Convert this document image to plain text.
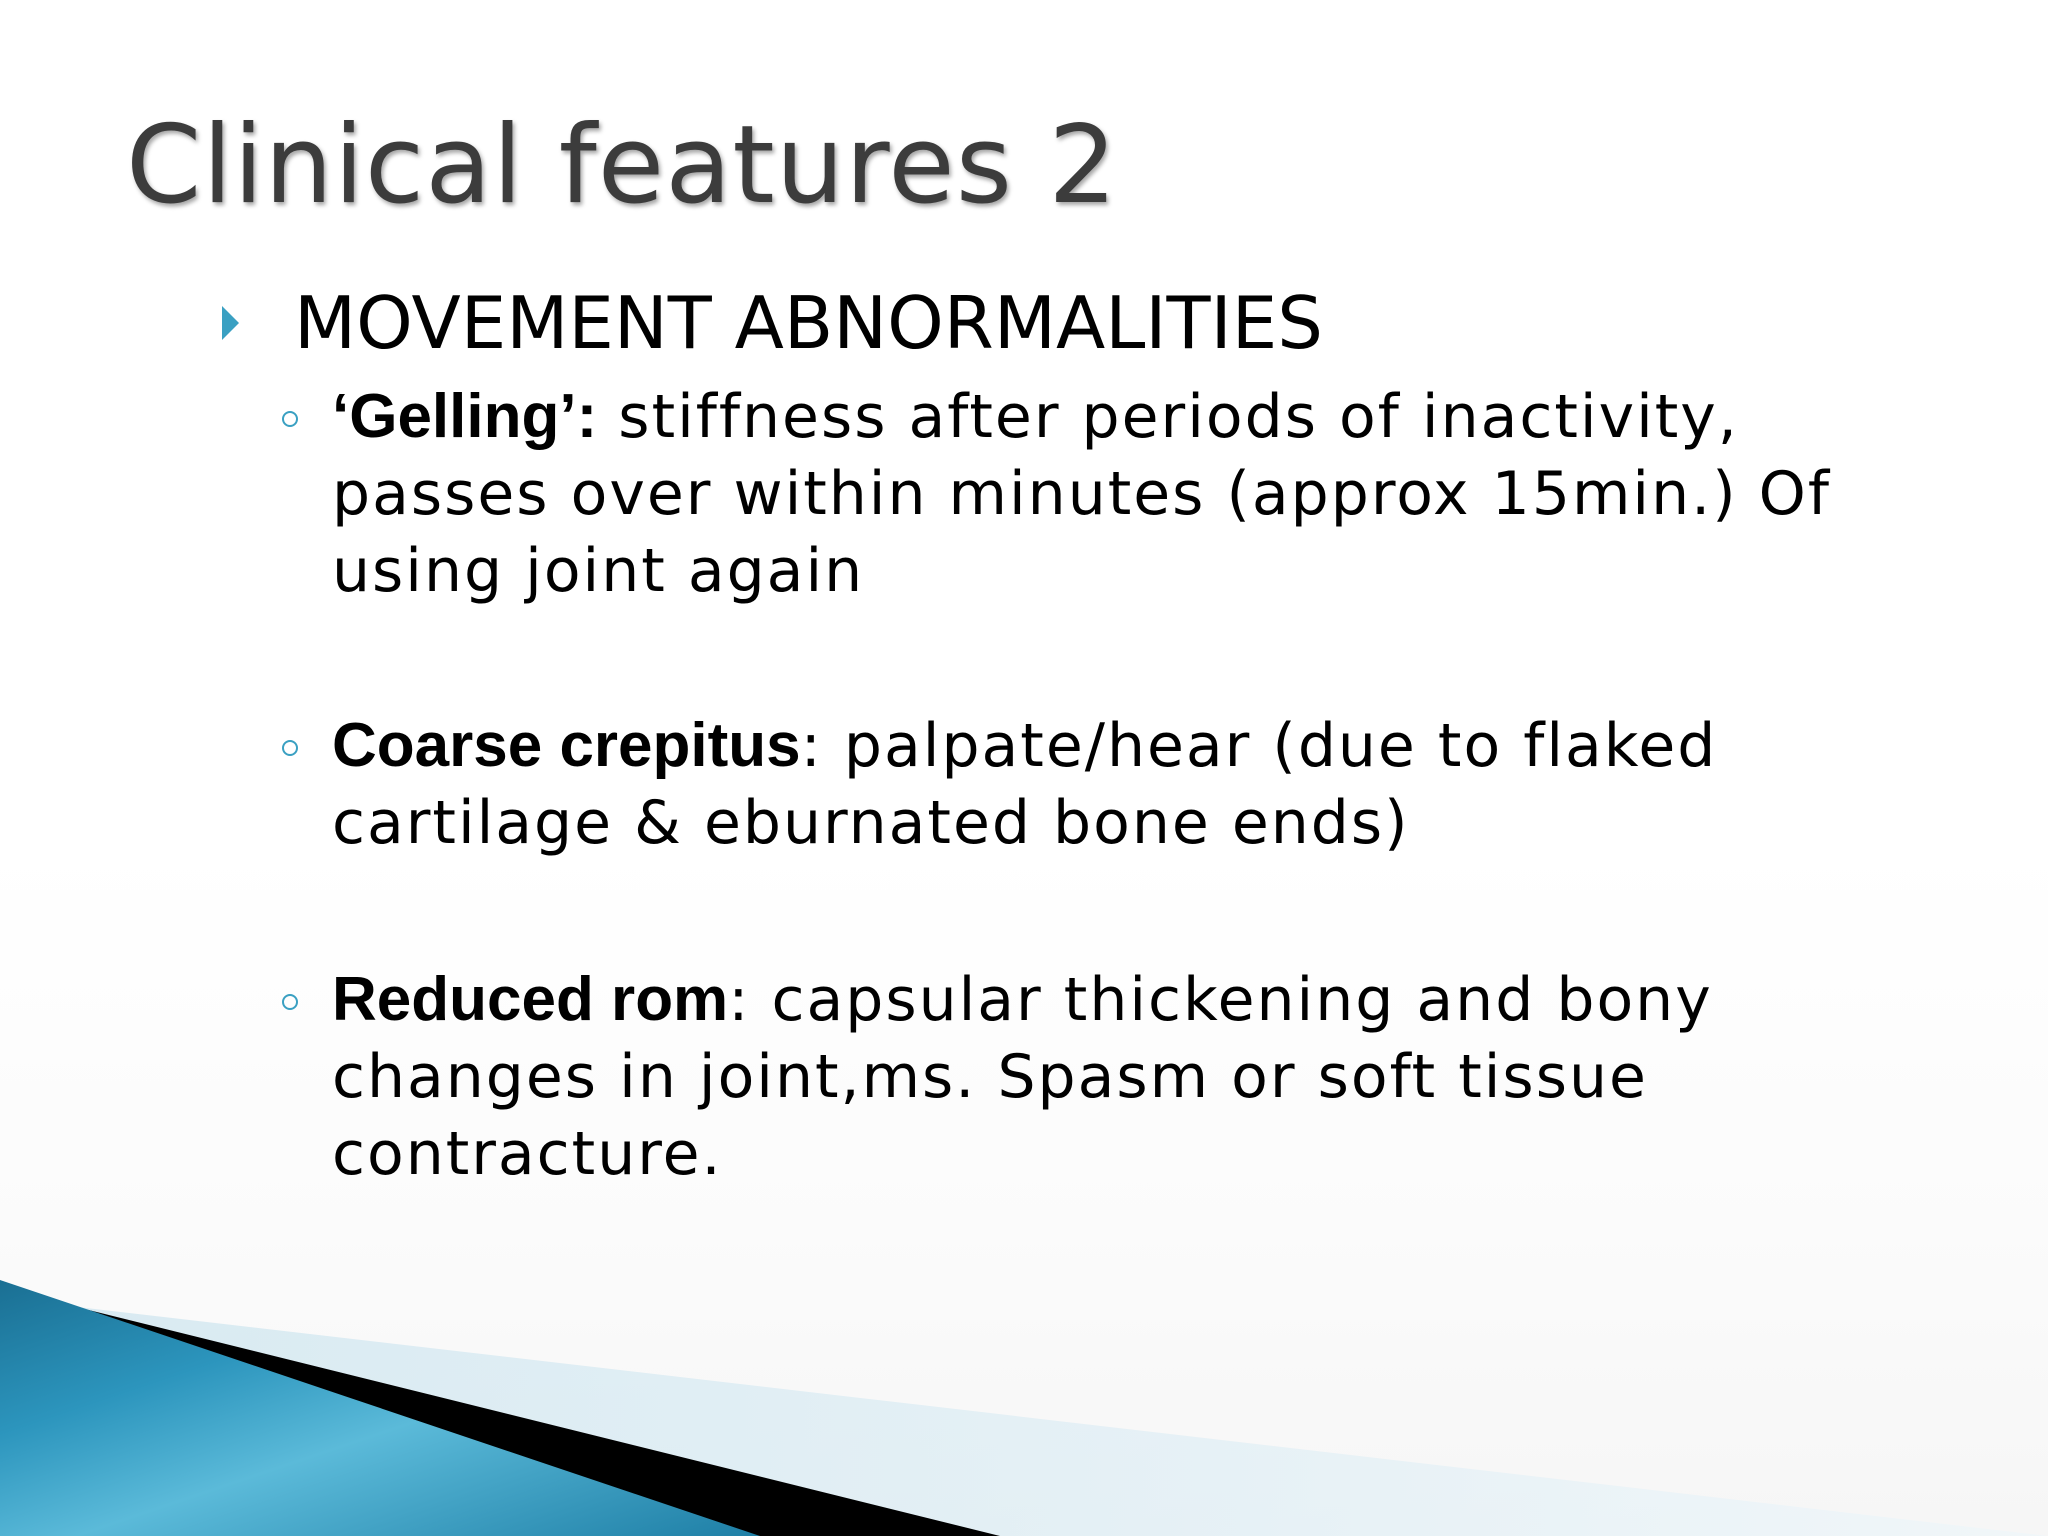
Clinical features 2
MOVEMENT ABNORMALITIES
‘Gelling’: stiffness after periods of inactivity, passes over within minutes (approx 15min.) Of using joint again
Coarse crepitus: palpate/hear (due to flaked cartilage & eburnated bone ends)
Reduced rom: capsular thickening and bony changes in joint,ms. Spasm or soft tissue contracture.
